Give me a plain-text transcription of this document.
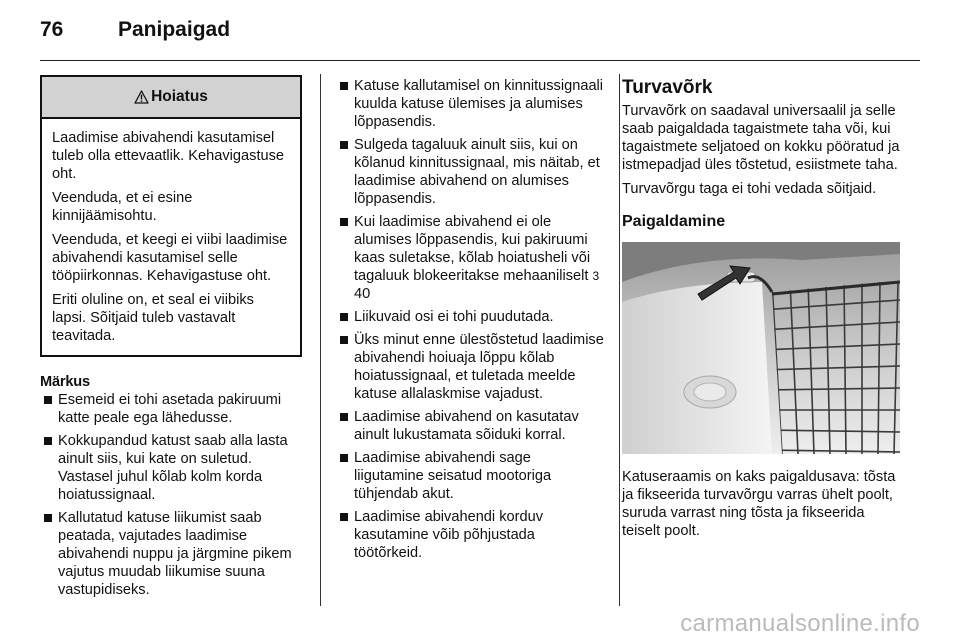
76	Panipaigad
Hoiatus

Laadimise abivahendi kasutamisel tuleb olla ettevaatlik. Kehavigastuse oht.

Veenduda, et ei esine kinnijäämisohtu.

Veenduda, et keegi ei viibi laadimise abivahendi kasutamisel selle tööpiirkonnas. Kehavigastuse oht.

Eriti oluline on, et seal ei viibiks lapsi. Sõitjaid tuleb vastavalt teavitada.

Märkus
Esemeid ei tohi asetada pakiruumi katte peale ega lähedusse.
Kokkupandud katust saab alla lasta ainult siis, kui kate on suletud. Vastasel juhul kõlab kolm korda hoiatussignaal.
Kallutatud katuse liikumist saab peatada, vajutades laadimise abivahendi nuppu ja järgmine pikem vajutus muudab liikumise suuna vastupidiseks.
Katuse kallutamisel on kinnitussignaali kuulda katuse ülemises ja alumises lõppasendis.
Sulgeda tagaluuk ainult siis, kui on kõlanud kinnitussignaal, mis näitab, et laadimise abivahend on alumises lõppasendis.
Kui laadimise abivahend ei ole alumises lõppasendis, kui pakiruumi kaas suletakse, kõlab hoiatusheli või tagaluuk blokeeritakse mehaaniliselt 3 40
Liikuvaid osi ei tohi puudutada.
Üks minut enne ülestõstetud laadimise abivahendi hoiuaja lõppu kõlab hoiatussignaal, et tuletada meelde katuse allalaskmise vajadust.
Laadimise abivahend on kasutatav ainult lukustamata sõiduki korral.
Laadimise abivahendi sage liigutamine seisatud mootoriga tühjendab akut.
Laadimise abivahendi korduv kasutamine võib põhjustada töötõrkeid.
Turvavõrk

Turvavõrk on saadaval universaalil ja selle saab paigaldada tagaistmete taha või, kui tagaistmete seljatoed on kokku pööratud ja istmepadjad üles tõstetud, esiistmete taha.

Turvavõrgu taga ei tohi vedada sõitjaid.

Paigaldamine

Katuseraamis on kaks paigaldusava: tõsta ja fikseerida turvavõrgu varras ühelt poolt, suruda varrast ning tõsta ja fikseerida teiselt poolt.

carmanualsonline.info
